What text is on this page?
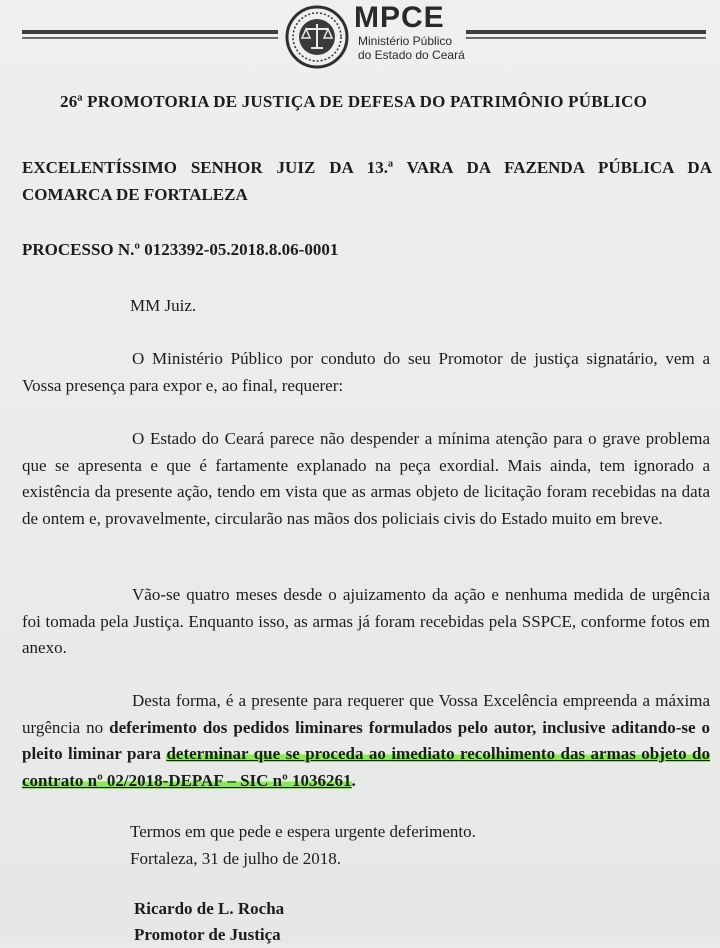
MPCE
Ministério Público
do Estado do Ceará
26ª PROMOTORIA DE JUSTIÇA DE DEFESA DO PATRIMÔNIO PÚBLICO
EXCELENTÍSSIMO SENHOR JUIZ DA 13.ª VARA DA FAZENDA PÚBLICA DA COMARCA DE FORTALEZA
PROCESSO N.º 0123392-05.2018.8.06-0001
MM Juiz.
O Ministério Público por conduto do seu Promotor de justiça signatário, vem a Vossa presença para expor e, ao final, requerer:
O Estado do Ceará parece não despender a mínima atenção para o grave problema que se apresenta e que é fartamente explanado na peça exordial. Mais ainda, tem ignorado a existência da presente ação, tendo em vista que as armas objeto de licitação foram recebidas na data de ontem e, provavelmente, circularão nas mãos dos policiais civis do Estado muito em breve.
Vão-se quatro meses desde o ajuizamento da ação e nenhuma medida de urgência foi tomada pela Justiça. Enquanto isso, as armas já foram recebidas pela SSPCE, conforme fotos em anexo.
Desta forma, é a presente para requerer que Vossa Excelência empreenda a máxima urgência no deferimento dos pedidos liminares formulados pelo autor, inclusive aditando-se o pleito liminar para determinar que se proceda ao imediato recolhimento das armas objeto do contrato nº 02/2018-DEPAF – SIC nº 1036261.
Termos em que pede e espera urgente deferimento.
Fortaleza, 31 de julho de 2018.
Ricardo de L. Rocha
Promotor de Justiça
